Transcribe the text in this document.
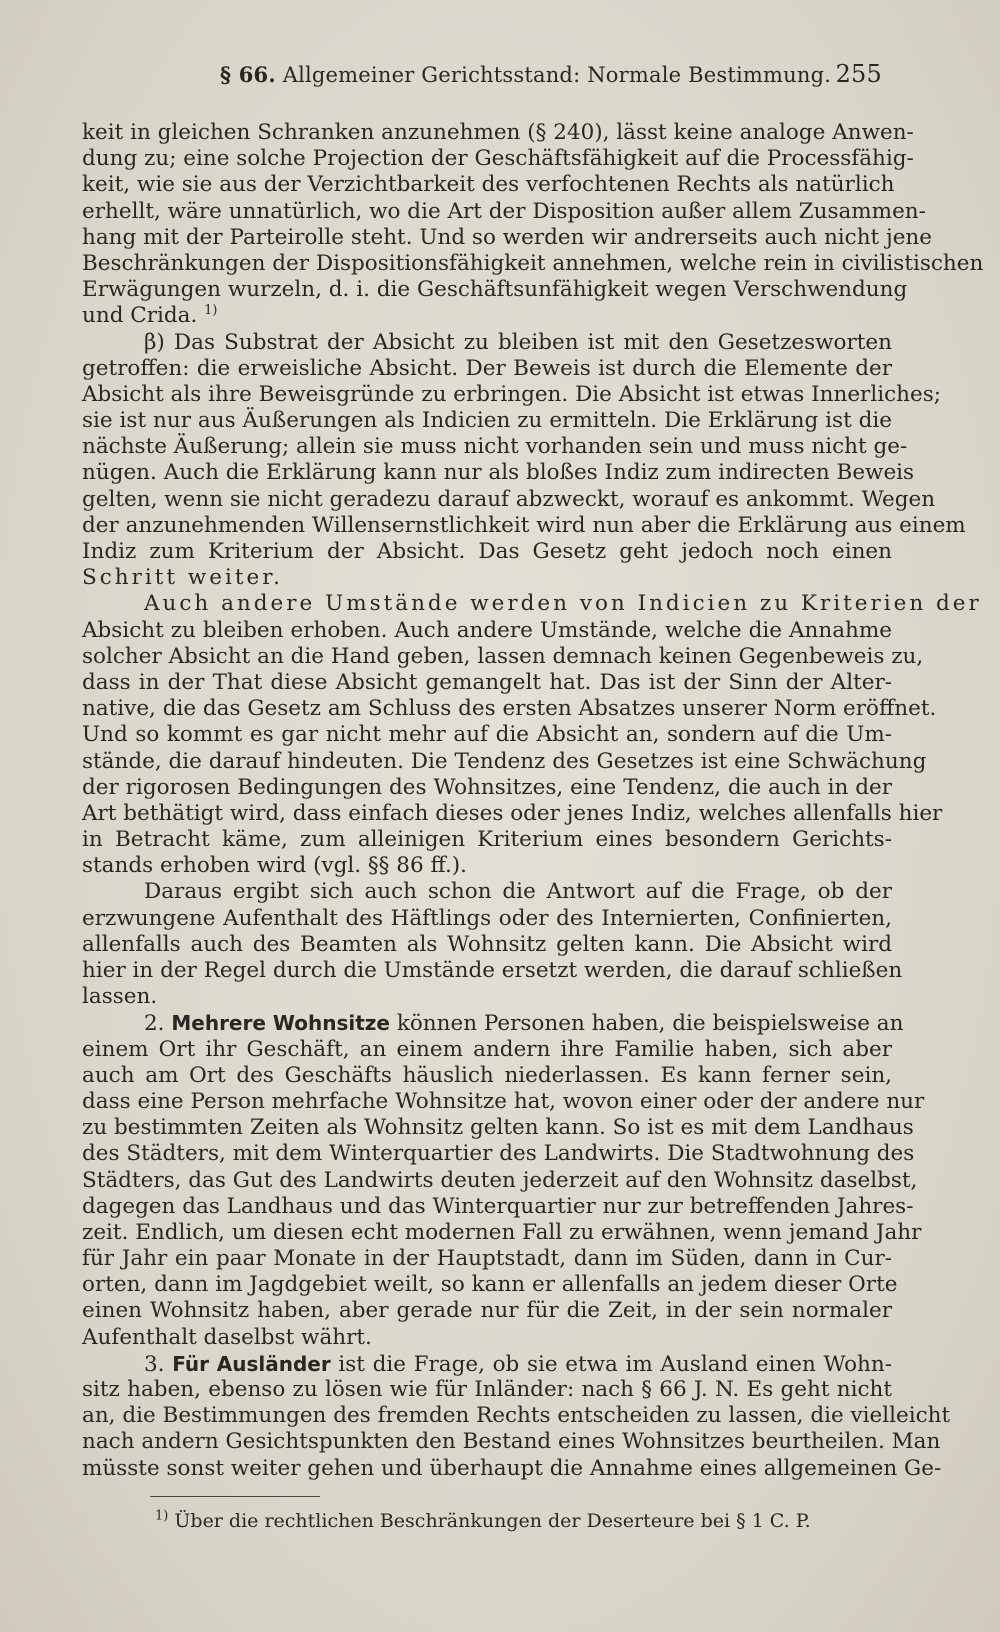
§ 66. Allgemeiner Gerichtsstand: Normale Bestimmung. 255
keit in gleichen Schranken anzunehmen (§ 240), lässt keine analoge Anwen-
dung zu; eine solche Projection der Geschäftsfähigkeit auf die Processfähig-
keit, wie sie aus der Verzichtbarkeit des verfochtenen Rechts als natürlich
erhellt, wäre unnatürlich, wo die Art der Disposition außer allem Zusammen-
hang mit der Parteirolle steht. Und so werden wir andrerseits auch nicht jene
Beschränkungen der Dispositionsfähigkeit annehmen, welche rein in civilistischen
Erwägungen wurzeln, d. i. die Geschäftsunfähigkeit wegen Verschwendung
und Crida. $^{1)}$
β) Das Substrat der Absicht zu bleiben ist mit den Gesetzesworten
getroffen: die erweisliche Absicht. Der Beweis ist durch die Elemente der
Absicht als ihre Beweisgründe zu erbringen. Die Absicht ist etwas Innerliches;
sie ist nur aus Äußerungen als Indicien zu ermitteln. Die Erklärung ist die
nächste Äußerung; allein sie muss nicht vorhanden sein und muss nicht ge-
nügen. Auch die Erklärung kann nur als bloßes Indiz zum indirecten Beweis
gelten, wenn sie nicht geradezu darauf abzweckt, worauf es ankommt. Wegen
der anzunehmenden Willensernstlichkeit wird nun aber die Erklärung aus einem
Indiz zum Kriterium der Absicht. Das Gesetz geht jedoch noch einen
Schritt weiter.
Auch andere Umstände werden von Indicien zu Kriterien der
Absicht zu bleiben erhoben. Auch andere Umstände, welche die Annahme
solcher Absicht an die Hand geben, lassen demnach keinen Gegenbeweis zu,
dass in der That diese Absicht gemangelt hat. Das ist der Sinn der Alter-
native, die das Gesetz am Schluss des ersten Absatzes unserer Norm eröffnet.
Und so kommt es gar nicht mehr auf die Absicht an, sondern auf die Um-
stände, die darauf hindeuten. Die Tendenz des Gesetzes ist eine Schwächung
der rigorosen Bedingungen des Wohnsitzes, eine Tendenz, die auch in der
Art bethätigt wird, dass einfach dieses oder jenes Indiz, welches allenfalls hier
in Betracht käme, zum alleinigen Kriterium eines besondern Gerichts-
stands erhoben wird (vgl. §§ 86 ff.).
Daraus ergibt sich auch schon die Antwort auf die Frage, ob der
erzwungene Aufenthalt des Häftlings oder des Internierten, Confinierten,
allenfalls auch des Beamten als Wohnsitz gelten kann. Die Absicht wird
hier in der Regel durch die Umstände ersetzt werden, die darauf schließen
lassen.
2. Mehrere Wohnsitze können Personen haben, die beispielsweise an
einem Ort ihr Geschäft, an einem andern ihre Familie haben, sich aber
auch am Ort des Geschäfts häuslich niederlassen. Es kann ferner sein,
dass eine Person mehrfache Wohnsitze hat, wovon einer oder der andere nur
zu bestimmten Zeiten als Wohnsitz gelten kann. So ist es mit dem Landhaus
des Städters, mit dem Winterquartier des Landwirts. Die Stadtwohnung des
Städters, das Gut des Landwirts deuten jederzeit auf den Wohnsitz daselbst,
dagegen das Landhaus und das Winterquartier nur zur betreffenden Jahres-
zeit. Endlich, um diesen echt modernen Fall zu erwähnen, wenn jemand Jahr
für Jahr ein paar Monate in der Hauptstadt, dann im Süden, dann in Cur-
orten, dann im Jagdgebiet weilt, so kann er allenfalls an jedem dieser Orte
einen Wohnsitz haben, aber gerade nur für die Zeit, in der sein normaler
Aufenthalt daselbst währt.
3. Für Ausländer ist die Frage, ob sie etwa im Ausland einen Wohn-
sitz haben, ebenso zu lösen wie für Inländer: nach § 66 J. N. Es geht nicht
an, die Bestimmungen des fremden Rechts entscheiden zu lassen, die vielleicht
nach andern Gesichtspunkten den Bestand eines Wohnsitzes beurtheilen. Man
müsste sonst weiter gehen und überhaupt die Annahme eines allgemeinen Ge-
$^{1)}$ Über die rechtlichen Beschränkungen der Deserteure bei § 1 C. P.
